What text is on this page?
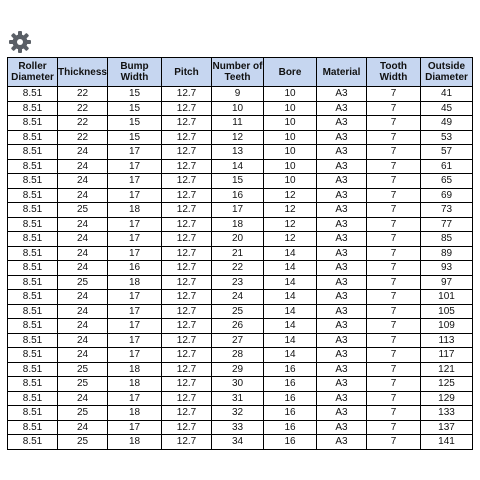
Roller Diameter	Thickness	Bump Width	Pitch	Number of Teeth	Bore	Material	Tooth Width	Outside Diameter
8.51	22	15	12.7	9	10	A3	7	41
8.51	22	15	12.7	10	10	A3	7	45
8.51	22	15	12.7	11	10	A3	7	49
8.51	22	15	12.7	12	10	A3	7	53
8.51	24	17	12.7	13	10	A3	7	57
8.51	24	17	12.7	14	10	A3	7	61
8.51	24	17	12.7	15	10	A3	7	65
8.51	24	17	12.7	16	12	A3	7	69
8.51	25	18	12.7	17	12	A3	7	73
8.51	24	17	12.7	18	12	A3	7	77
8.51	24	17	12.7	20	12	A3	7	85
8.51	24	17	12.7	21	14	A3	7	89
8.51	24	16	12.7	22	14	A3	7	93
8.51	25	18	12.7	23	14	A3	7	97
8.51	24	17	12.7	24	14	A3	7	101
8.51	24	17	12.7	25	14	A3	7	105
8.51	24	17	12.7	26	14	A3	7	109
8.51	24	17	12.7	27	14	A3	7	113
8.51	24	17	12.7	28	14	A3	7	117
8.51	25	18	12.7	29	16	A3	7	121
8.51	25	18	12.7	30	16	A3	7	125
8.51	24	17	12.7	31	16	A3	7	129
8.51	25	18	12.7	32	16	A3	7	133
8.51	24	17	12.7	33	16	A3	7	137
8.51	25	18	12.7	34	16	A3	7	141
